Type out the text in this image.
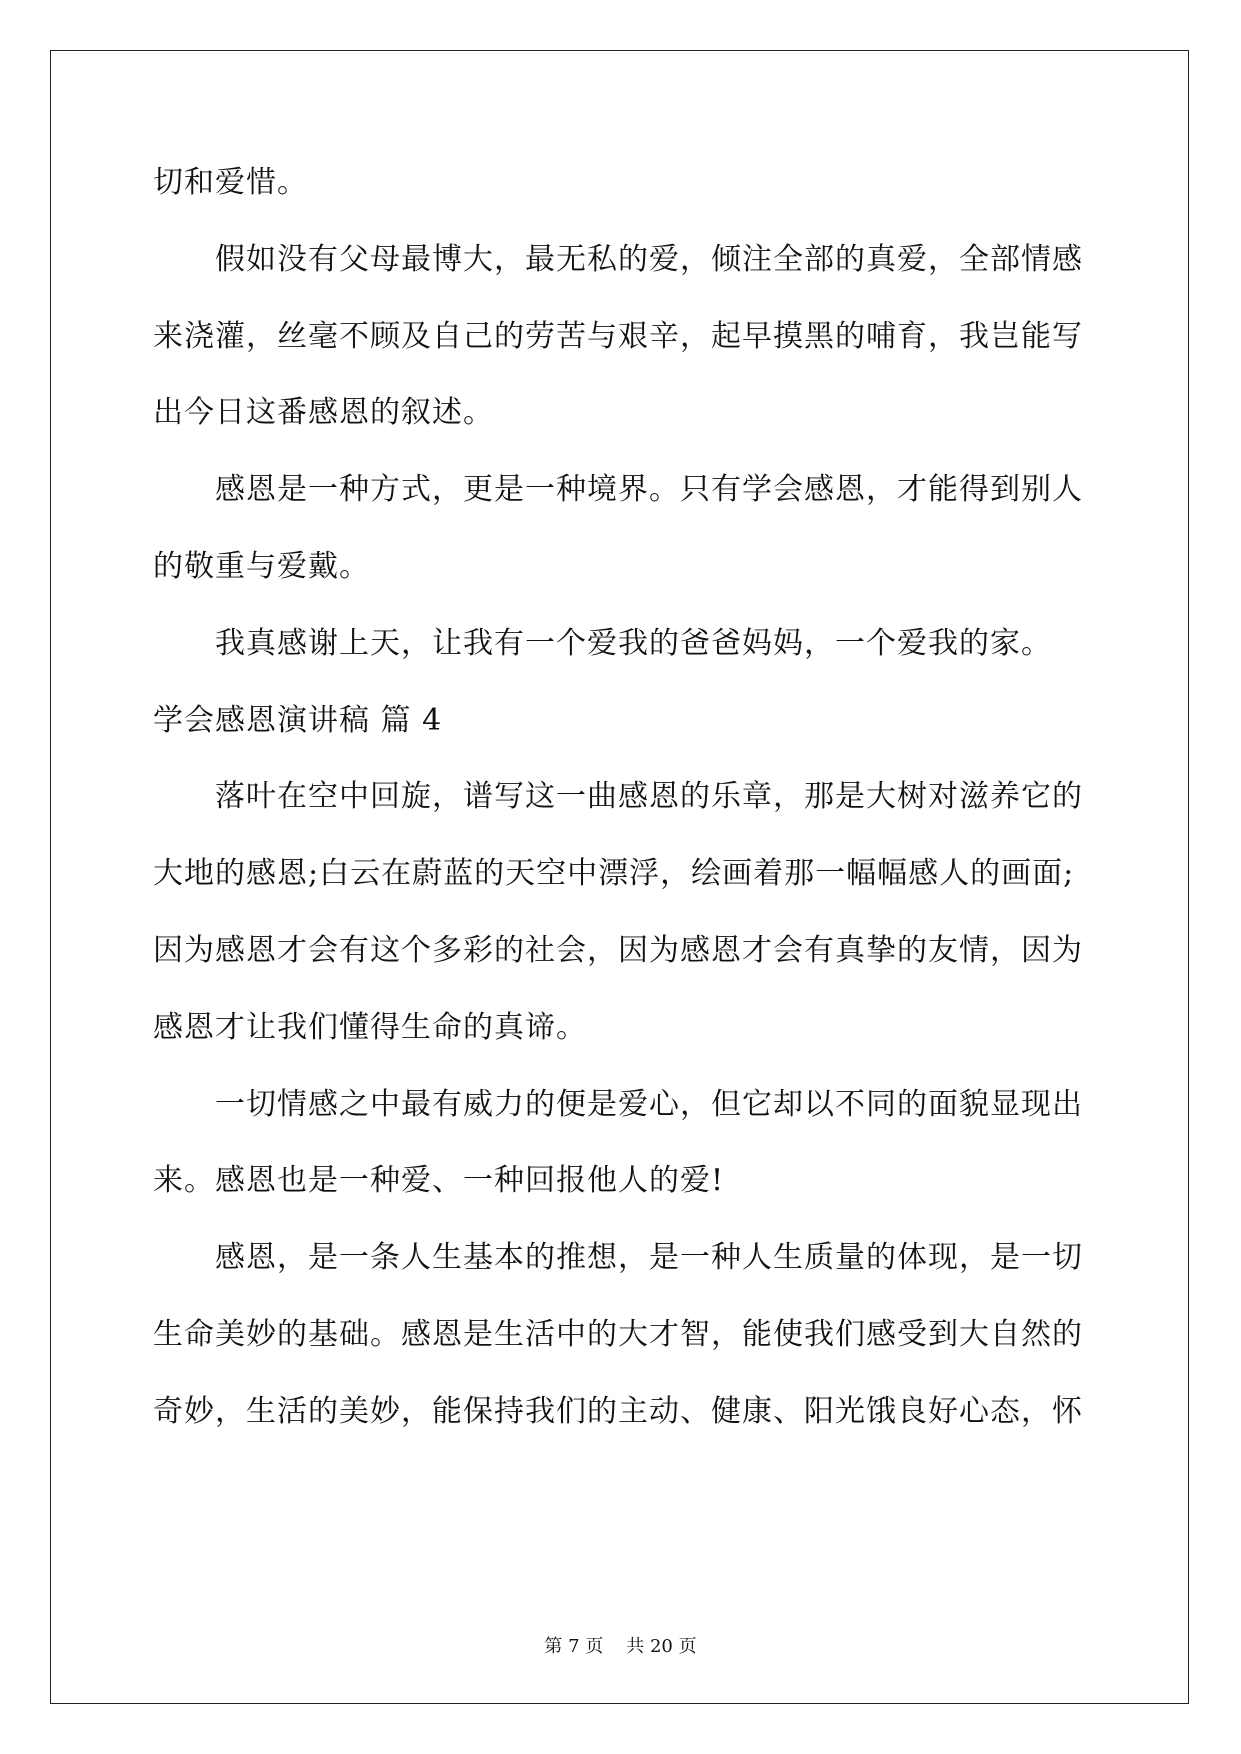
切和爱惜。
假如没有父母最博大，最无私的爱，倾注全部的真爱，全部情感
来浇灌，丝毫不顾及自己的劳苦与艰辛，起早摸黑的哺育，我岂能写
出今日这番感恩的叙述。
感恩是一种方式，更是一种境界。只有学会感恩，才能得到别人
的敬重与爱戴。
我真感谢上天，让我有一个爱我的爸爸妈妈，一个爱我的家。
学会感恩演讲稿 篇 4
落叶在空中回旋，谱写这一曲感恩的乐章，那是大树对滋养它的
大地的感恩;白云在蔚蓝的天空中漂浮，绘画着那一幅幅感人的画面;
因为感恩才会有这个多彩的社会，因为感恩才会有真挚的友情，因为
感恩才让我们懂得生命的真谛。
一切情感之中最有威力的便是爱心，但它却以不同的面貌显现出
来。感恩也是一种爱、一种回报他人的爱!
感恩，是一条人生基本的推想，是一种人生质量的体现，是一切
生命美妙的基础。感恩是生活中的大才智，能使我们感受到大自然的
奇妙，生活的美妙，能保持我们的主动、健康、阳光饿良好心态，怀
第 7 页 共 20 页
